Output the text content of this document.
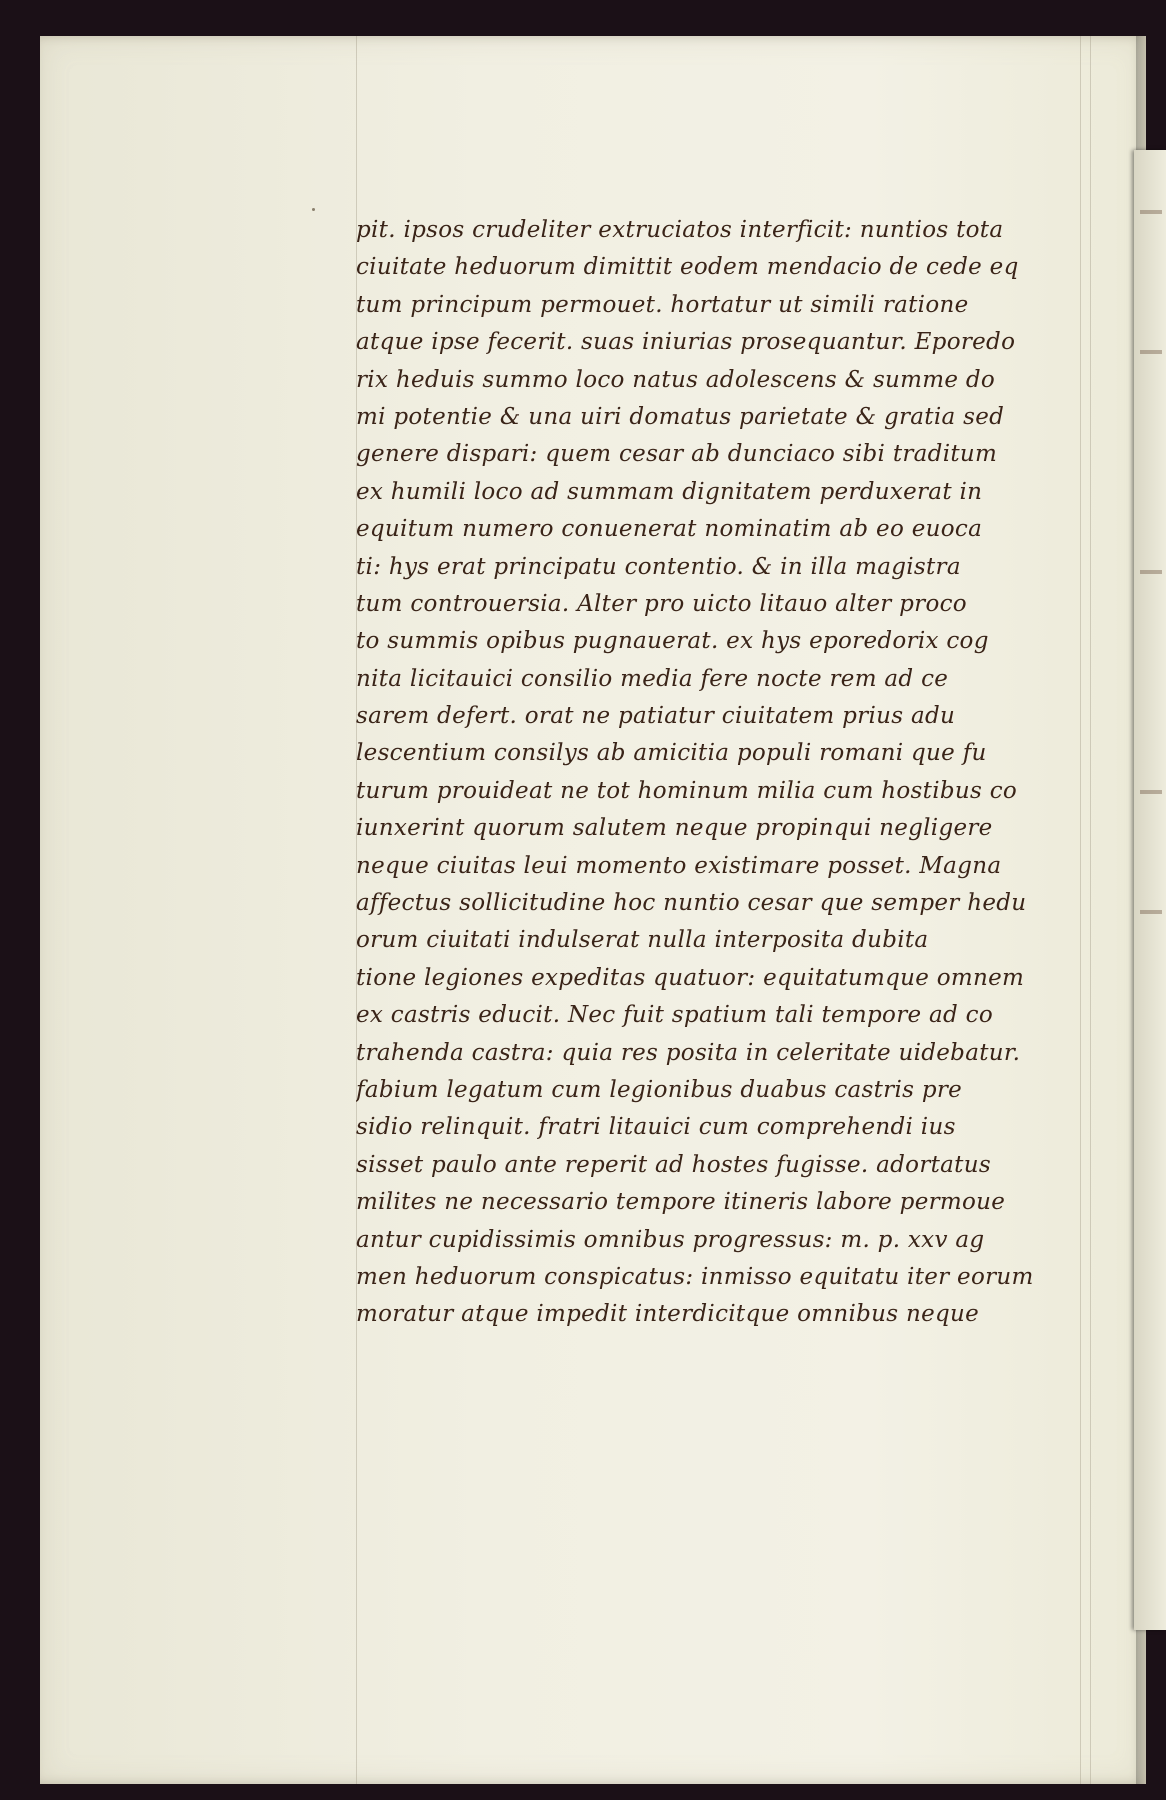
pit. ipsos crudeliter extruciatos interficit: nuntios tota
ciuitate heduorum dimittit eodem mendacio de cede eq
tum principum permouet. hortatur ut simili ratione
atque ipse fecerit. suas iniurias prosequantur. Eporedo
rix heduis summo loco natus adolescens & summe do
mi potentie & una uiri domatus parietate & gratia sed
genere dispari: quem cesar ab dunciaco sibi traditum
ex humili loco ad summam dignitatem perduxerat in
equitum numero conuenerat nominatim ab eo euoca
ti: hys erat principatu contentio. & in illa magistra
tum controuersia. Alter pro uicto litauo alter proco
to summis opibus pugnauerat. ex hys eporedorix cog
nita licitauici consilio media fere nocte rem ad ce
sarem defert. orat ne patiatur ciuitatem prius adu
lescentium consilys ab amicitia populi romani que fu
turum prouideat ne tot hominum milia cum hostibus co
iunxerint quorum salutem neque propinqui negligere
neque ciuitas leui momento existimare posset. Magna
affectus sollicitudine hoc nuntio cesar que semper hedu
orum ciuitati indulserat nulla interposita dubita
tione legiones expeditas quatuor: equitatumque omnem
ex castris educit. Nec fuit spatium tali tempore ad co
trahenda castra: quia res posita in celeritate uidebatur.
fabium legatum cum legionibus duabus castris pre
sidio relinquit. fratri litauici cum comprehendi ius
sisset paulo ante reperit ad hostes fugisse. adortatus
milites ne necessario tempore itineris labore permoue
antur cupidissimis omnibus progressus: m. p. xxv ag
men heduorum conspicatus: inmisso equitatu iter eorum
moratur atque impedit interdicitque omnibus neque
